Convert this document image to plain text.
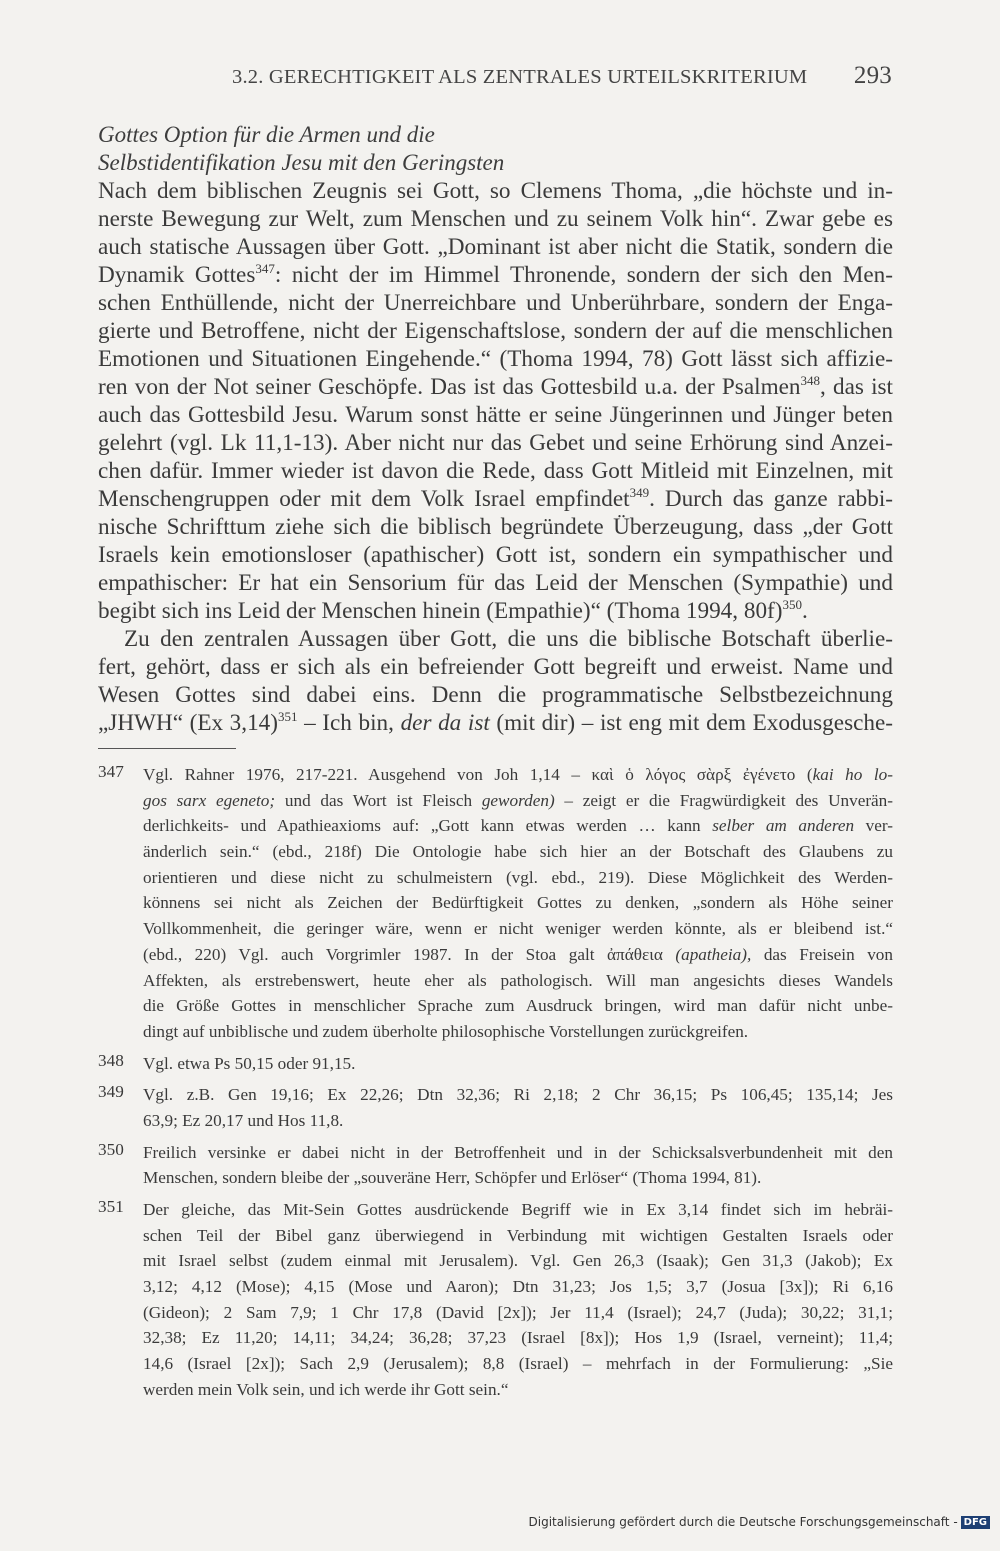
3.2. GERECHTIGKEIT ALS ZENTRALES URTEILSKRITERIUM 293
Gottes Option für die Armen und die
Selbstidentifikation Jesu mit den Geringsten
Nach dem biblischen Zeugnis sei Gott, so Clemens Thoma, „die höchste und in-
nerste Bewegung zur Welt, zum Menschen und zu seinem Volk hin“. Zwar gebe es
auch statische Aussagen über Gott. „Dominant ist aber nicht die Statik, sondern die
Dynamik Gottes$^{347}$: nicht der im Himmel Thronende, sondern der sich den Men-
schen Enthüllende, nicht der Unerreichbare und Unberührbare, sondern der Enga-
gierte und Betroffene, nicht der Eigenschaftslose, sondern der auf die menschlichen
Emotionen und Situationen Eingehende.“ (Thoma 1994, 78) Gott lässt sich affizie-
ren von der Not seiner Geschöpfe. Das ist das Gottesbild u.a. der Psalmen$^{348}$, das ist
auch das Gottesbild Jesu. Warum sonst hätte er seine Jüngerinnen und Jünger beten
gelehrt (vgl. Lk 11,1-13). Aber nicht nur das Gebet und seine Erhörung sind Anzei-
chen dafür. Immer wieder ist davon die Rede, dass Gott Mitleid mit Einzelnen, mit
Menschengruppen oder mit dem Volk Israel empfindet$^{349}$. Durch das ganze rabbi-
nische Schrifttum ziehe sich die biblisch begründete Überzeugung, dass „der Gott
Israels kein emotionsloser (apathischer) Gott ist, sondern ein sympathischer und
empathischer: Er hat ein Sensorium für das Leid der Menschen (Sympathie) und
begibt sich ins Leid der Menschen hinein (Empathie)“ (Thoma 1994, 80f)$^{350}$.
Zu den zentralen Aussagen über Gott, die uns die biblische Botschaft überlie-
fert, gehört, dass er sich als ein befreiender Gott begreift und erweist. Name und
Wesen Gottes sind dabei eins. Denn die programmatische Selbstbezeichnung
„JHWH“ (Ex 3,14)$^{351}$ – Ich bin, der da ist (mit dir) – ist eng mit dem Exodusgesche-
347 Vgl. Rahner 1976, 217-221. Ausgehend von Joh 1,14 – καὶ ὁ λόγος σὰρξ ἐγένετο (kai ho lo-
gos sarx egeneto; und das Wort ist Fleisch geworden) – zeigt er die Fragwürdigkeit des Unverän-
derlichkeits- und Apathieaxioms auf: „Gott kann etwas werden … kann selber am anderen ver-
änderlich sein.“ (ebd., 218f) Die Ontologie habe sich hier an der Botschaft des Glaubens zu
orientieren und diese nicht zu schulmeistern (vgl. ebd., 219). Diese Möglichkeit des Werden-
könnens sei nicht als Zeichen der Bedürftigkeit Gottes zu denken, „sondern als Höhe seiner
Vollkommenheit, die geringer wäre, wenn er nicht weniger werden könnte, als er bleibend ist.“
(ebd., 220) Vgl. auch Vorgrimler 1987. In der Stoa galt ἀπάθεια (apatheia), das Freisein von
Affekten, als erstrebenswert, heute eher als pathologisch. Will man angesichts dieses Wandels
die Größe Gottes in menschlicher Sprache zum Ausdruck bringen, wird man dafür nicht unbe-
dingt auf unbiblische und zudem überholte philosophische Vorstellungen zurückgreifen.
348 Vgl. etwa Ps 50,15 oder 91,15.
349 Vgl. z.B. Gen 19,16; Ex 22,26; Dtn 32,36; Ri 2,18; 2 Chr 36,15; Ps 106,45; 135,14; Jes
63,9; Ez 20,17 und Hos 11,8.
350 Freilich versinke er dabei nicht in der Betroffenheit und in der Schicksalsverbundenheit mit den
Menschen, sondern bleibe der „souveräne Herr, Schöpfer und Erlöser“ (Thoma 1994, 81).
351 Der gleiche, das Mit-Sein Gottes ausdrückende Begriff wie in Ex 3,14 findet sich im hebräi-
schen Teil der Bibel ganz überwiegend in Verbindung mit wichtigen Gestalten Israels oder
mit Israel selbst (zudem einmal mit Jerusalem). Vgl. Gen 26,3 (Isaak); Gen 31,3 (Jakob); Ex
3,12; 4,12 (Mose); 4,15 (Mose und Aaron); Dtn 31,23; Jos 1,5; 3,7 (Josua [3x]); Ri 6,16
(Gideon); 2 Sam 7,9; 1 Chr 17,8 (David [2x]); Jer 11,4 (Israel); 24,7 (Juda); 30,22; 31,1;
32,38; Ez 11,20; 14,11; 34,24; 36,28; 37,23 (Israel [8x]); Hos 1,9 (Israel, verneint); 11,4;
14,6 (Israel [2x]); Sach 2,9 (Jerusalem); 8,8 (Israel) – mehrfach in der Formulierung: „Sie
werden mein Volk sein, und ich werde ihr Gott sein.“
Digitalisierung gefördert durch die Deutsche Forschungsgemeinschaft - DFG
